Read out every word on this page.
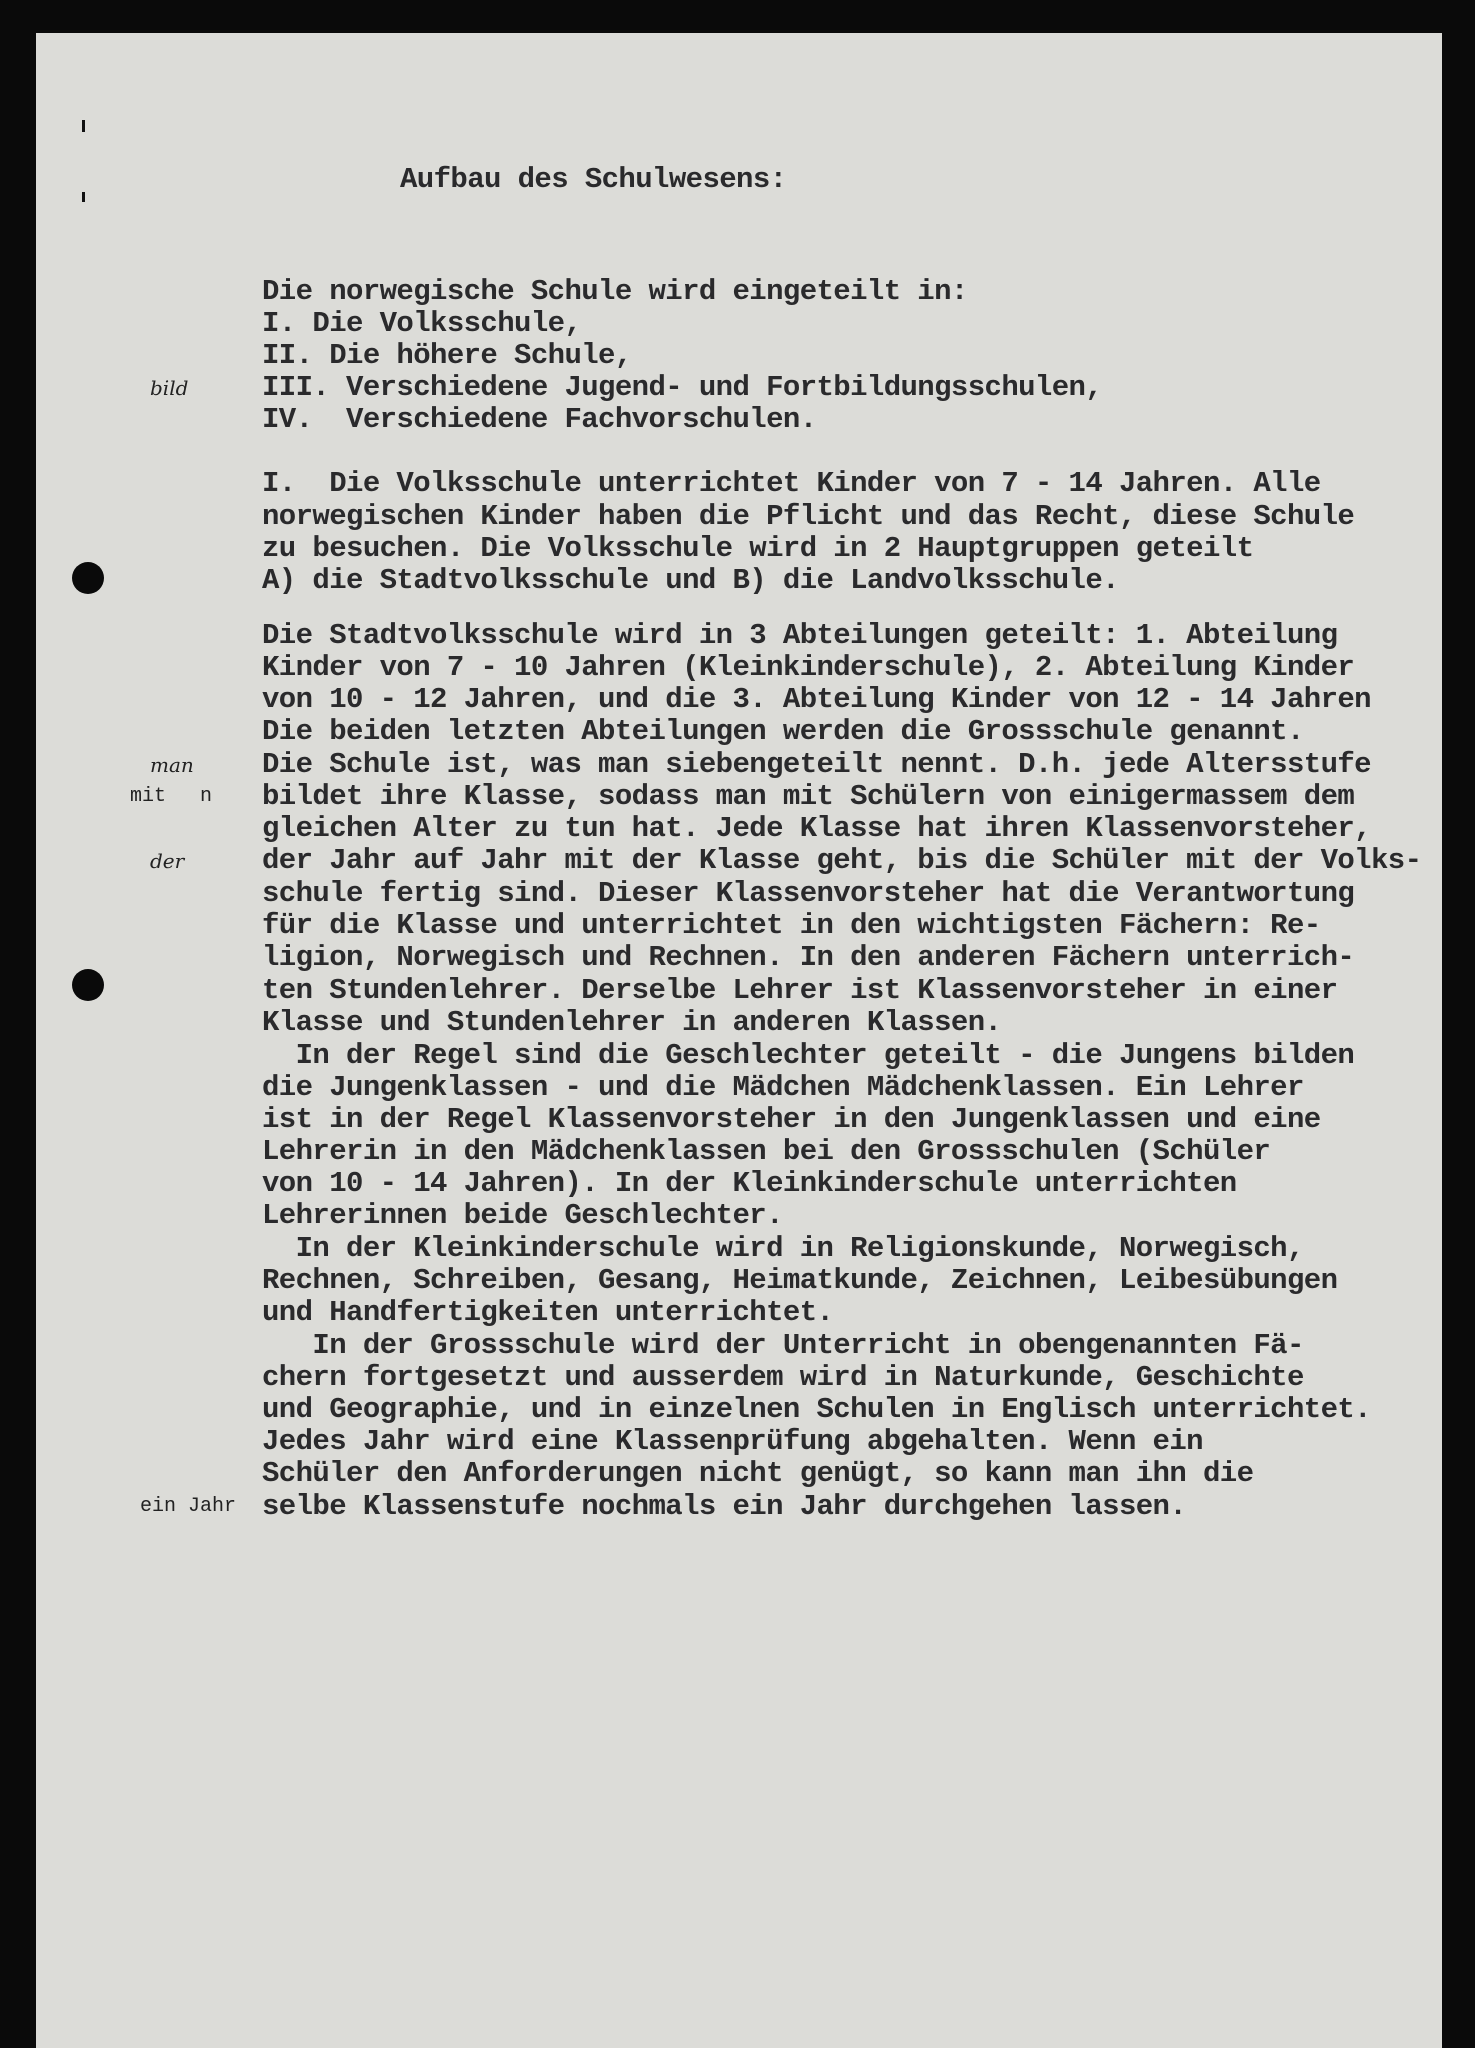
Aufbau des Schulwesens:
Die norwegische Schule wird eingeteilt in:
I. Die Volksschule,
II. Die höhere Schule,
III. Verschiedene Jugend- und Fortbildungsschulen,
IV.  Verschiedene Fachvorschulen.
I.  Die Volksschule unterrichtet Kinder von 7 - 14 Jahren. Alle
norwegischen Kinder haben die Pflicht und das Recht, diese Schule
zu besuchen. Die Volksschule wird in 2 Hauptgruppen geteilt
A) die Stadtvolksschule und B) die Landvolksschule.
Die Stadtvolksschule wird in 3 Abteilungen geteilt: 1. Abteilung
Kinder von 7 - 10 Jahren (Kleinkinderschule), 2. Abteilung Kinder
von 10 - 12 Jahren, und die 3. Abteilung Kinder von 12 - 14 Jahren
Die beiden letzten Abteilungen werden die Grossschule genannt.
Die Schule ist, was man siebengeteilt nennt. D.h. jede Altersstufe
bildet ihre Klasse, sodass man mit Schülern von einigermassem dem
gleichen Alter zu tun hat. Jede Klasse hat ihren Klassenvorsteher,
der Jahr auf Jahr mit der Klasse geht, bis die Schüler mit der Volks-
schule fertig sind. Dieser Klassenvorsteher hat die Verantwortung
für die Klasse und unterrichtet in den wichtigsten Fächern: Re-
ligion, Norwegisch und Rechnen. In den anderen Fächern unterrich-
ten Stundenlehrer. Derselbe Lehrer ist Klassenvorsteher in einer
Klasse und Stundenlehrer in anderen Klassen.
In der Regel sind die Geschlechter geteilt - die Jungens bilden
die Jungenklassen - und die Mädchen Mädchenklassen. Ein Lehrer
ist in der Regel Klassenvorsteher in den Jungenklassen und eine
Lehrerin in den Mädchenklassen bei den Grossschulen (Schüler
von 10 - 14 Jahren). In der Kleinkinderschule unterrichten
Lehrerinnen beide Geschlechter.
In der Kleinkinderschule wird in Religionskunde, Norwegisch,
Rechnen, Schreiben, Gesang, Heimatkunde, Zeichnen, Leibesübungen
und Handfertigkeiten unterrichtet.
In der Grossschule wird der Unterricht in obengenannten Fä-
chern fortgesetzt und ausserdem wird in Naturkunde, Geschichte
und Geographie, und in einzelnen Schulen in Englisch unterrichtet.
Jedes Jahr wird eine Klassenprüfung abgehalten. Wenn ein
Schüler den Anforderungen nicht genügt, so kann man ihn die
selbe Klassenstufe nochmals ein Jahr durchgehen lassen.
bild
man
mit n
der
ein Jahr
